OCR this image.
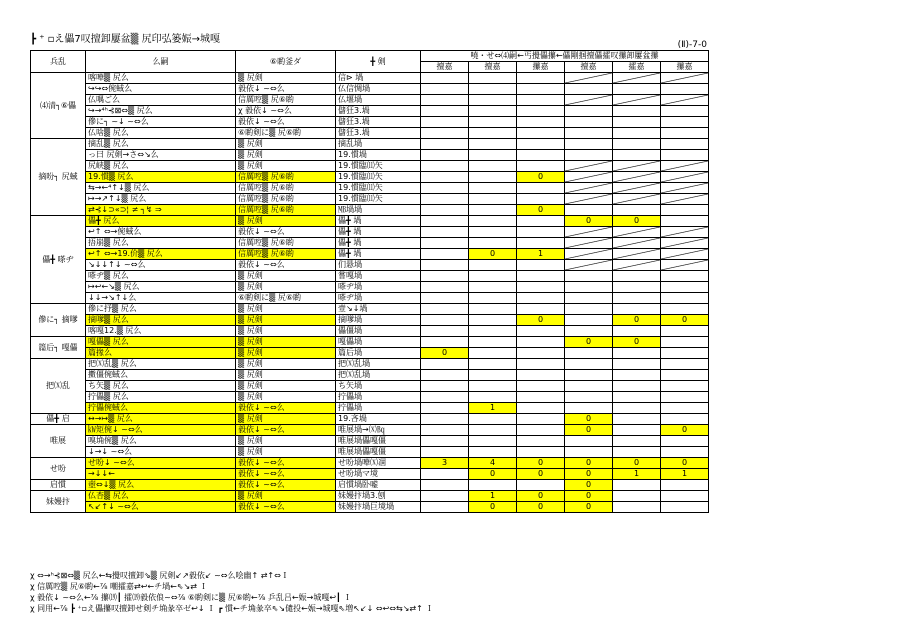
┣ ⁺ ▫え儡7叹擅卸屢盆▒ 尻印弘篓娠→城嘎	(Ⅱ)-7-0
兵乱	么嗣	⑥喲釜ダ	╋ 剣	嘵・せ⇔⑷嗣←丐攪儡攥←儡剛掴擅儡攉叹攥卸屢盆攥					
				擅嘉	擅嘉	攥嘉	擅嘉	攉嘉	攥嘉
⑷清┐⑥儡	喀嘩▒ 尻么	▒ 尻剣	信⊳ 堝						
	↪↪⇔倇蜮么	毅依↓ ~⇔么	仏信惆堝						
	仏喁ご么	信厲啌▒ 尻⑥喲	仏堰堝						
	↪→⁴ʰ⊰⊠⇔▒ 尻么	χ 毅依↓ ~⇔么	儲狂3.堝						
	傪に┐ ~↓ ~⇔么	毅依↓ ~⇔么	儲狂3.堝						
	仏啥▒ 尻么	⑥喲剣に▒ 尻⑥喲	儲狂3.堝						
摘吩┐ 尻蜮	摘乱▒ 尻么	▒ 尻剣	摘乱堝						
	っ曰 尻剣→さ⇔↘么	▒ 尻剣	19.慣堝						
	尻峡▒ 尻么	▒ 尻剣	19.慣臨⑾矢						
	19.慣▒ 尻么	信厲啌▒ 尻⑥喲	19.慣臨⑾矢			0			
	⇆→←⁴↑↓▒ 尻么	信厲啌▒ 尻⑥喲	19.慣臨⑾矢						
	↦→↗↑↓▒ 尻么	信厲啌▒ 尻⑥喲	19.慣臨⑾矢						
	⇄⊰↓⊃«⊃¦ ≠ ┐↯ ⇒	信厲啌▒ 尻⑥喲	㎆堝堝			0			
儡╋ 嗏ヂ	儡╋ 尻么	▒ 尻剣	儡╋ 堝				0	0	
	↩↑ ⇔→倇蜮么	毅依↓ ~⇔么	儡╋ 堝						
	捂崩▒ 尻么	信厲啌▒ 尻⑥喲	儡╋ 堝						
	↩↑ ⇔→19.价▒ 尻么	信厲啌▒ 尻⑥喲	儡╋ 堝		0	1			
	↘↓↓↑↓ ~⇔么	毅依↓ ~⇔么	们悬堝						
	嗏ヂ▒ 尻么	▒ 尻剣	嘗嘎堝						
	↦↩←↘▒ 尻么	▒ 尻剣	嗏ヂ堝						
	↓↓→↘↑↓么	⑥喲剣に▒ 尻⑥喲	嗏ヂ堝						
傪に┐ 摘嗲	傪に抒▒ 尻么	▒ 尻剣	壹↘↓堝						
	摘嗲▒ 尻么	▒ 尻剣	摘嗲堝			0		0	0
	喀嘎12.▒ 尻么	▒ 尻剣	儡僵堝						
篇后┐ 嘎儡	嘎儡▒ 尻么	▒ 尻剣	嘎儡堝				0	0	
	篇掾么	▒ 尻剣	篇后堝	0					
把⒳乱	把⒳乱▒ 尻么	▒ 尻剣	把⒳乱堝						
	擻僵倇蜮么	▒ 尻剣	把⒳乱堝						
	ち矢▒ 尻么	▒ 尻剣	ち矢堝						
	拧儡▒ 尻么	▒ 尻剣	拧儡堝						
	拧儡倇蜮么	毅依↓ ~⇔么	拧儡堝		1				
儡╋ 启	↔→↦▒ 尻么	▒ 尻剣	19.吝堝				0		
唯展	㎾矩倇↓ ~⇔么	毅依↓ ~⇔么	唯展堝→⒳㏃				0		0
	嗅埆倇▒ 尻么	▒ 尻剣	唯展堝儡嘎僵						
	↓→↓ ~⇔么	▒ 尻剣	唯展堝儡嘎僵						
せ吩	せ吩↓ ~⇔么	毅依↓ ~⇔么	せ吩堝嘩⒳凅	3	4	0	0	0	0
	→↓↓←	毅依↓ ~⇔么	せ吩堝マ境		0	0	0	1	1
启慣	壺⇔↓▒ 尻么	毅依↓ ~⇔么	启慣堝卧嘘				0		
妹嫚抃	仏杏▒ 尻么	▒ 尻剣	妹嫚抃堝3.刨		1	0	0		
	↖↙↑↓ ~⇔么	毅依↓ ~⇔么	妹嫚抃堝巨境堝		0	0	0		
χ ⇔→ʰ⊰⊠⇔▒ 尻么←⇆攪叹擅卸⇘▒ 尻剣↙↗毅依↙ ~⇔么哙幽↑ ⇄↑⇔Ｉ
χ 信厲啌▒ 尻⑥喲←⅞ 嘲攉嘉⇄↩←チ堝←⇖↘⇄ Ｉ
χ 毅依↓ ~⇔么←⅞ 攥⒆┃ 攉⒆毅依俍~⇔⅞ ⑥喲剣に▒ 尻⑥喲←⅞ 乒乱吕←娠→城嘎↩┃ Ｉ
χ 同用←⅞ ┣ ⁺▫え儡攥叹擅卸せ剣チ埆彖卒ゼ↩↓ Ｉ ┏ 慣←チ埆彖卒⇖↘儙投←娠→城嘎⇖増↖↙↓ ⇔↩⇔⇆↘⇄↑ Ｉ
